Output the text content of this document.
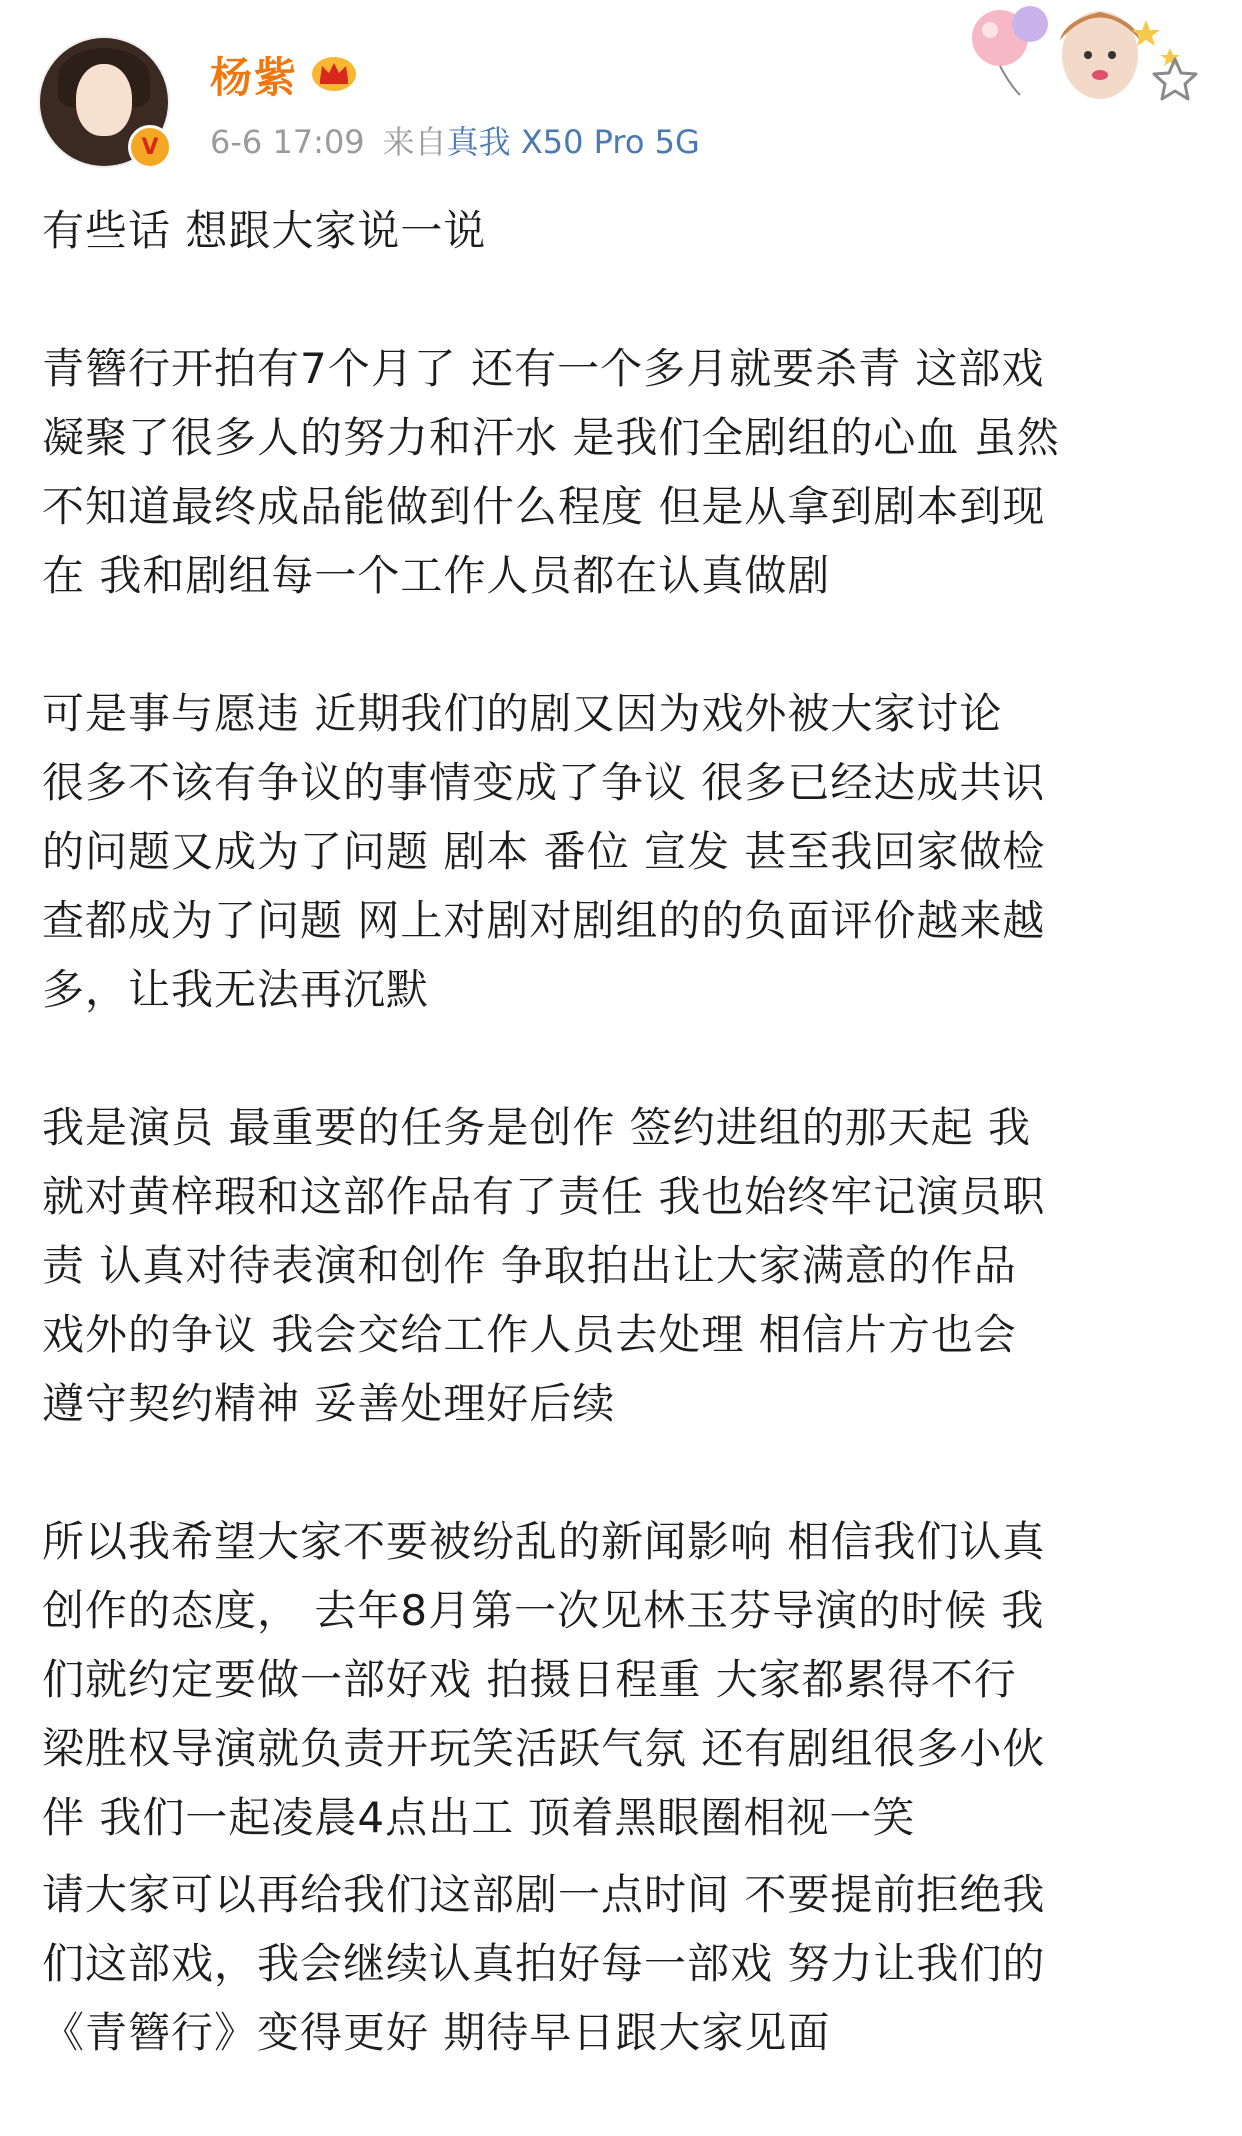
V
杨紫
6-6 17:09 来自真我 X50 Pro 5G

有些话 想跟大家说一说

青簪行开拍有7个月了 还有一个多月就要杀青 这部戏
凝聚了很多人的努力和汗水 是我们全剧组的心血 虽然
不知道最终成品能做到什么程度 但是从拿到剧本到现
在 我和剧组每一个工作人员都在认真做剧

可是事与愿违 近期我们的剧又因为戏外被大家讨论
很多不该有争议的事情变成了争议 很多已经达成共识
的问题又成为了问题 剧本 番位 宣发 甚至我回家做检
查都成为了问题 网上对剧对剧组的的负面评价越来越
多，让我无法再沉默

我是演员 最重要的任务是创作 签约进组的那天起 我
就对黄梓瑕和这部作品有了责任 我也始终牢记演员职
责 认真对待表演和创作 争取拍出让大家满意的作品
戏外的争议 我会交给工作人员去处理 相信片方也会
遵守契约精神 妥善处理好后续

所以我希望大家不要被纷乱的新闻影响 相信我们认真
创作的态度， 去年8月第一次见林玉芬导演的时候 我
们就约定要做一部好戏 拍摄日程重 大家都累得不行
梁胜权导演就负责开玩笑活跃气氛 还有剧组很多小伙
伴 我们一起凌晨4点出工 顶着黑眼圈相视一笑

请大家可以再给我们这部剧一点时间 不要提前拒绝我
们这部戏，我会继续认真拍好每一部戏 努力让我们的
《青簪行》变得更好 期待早日跟大家见面
